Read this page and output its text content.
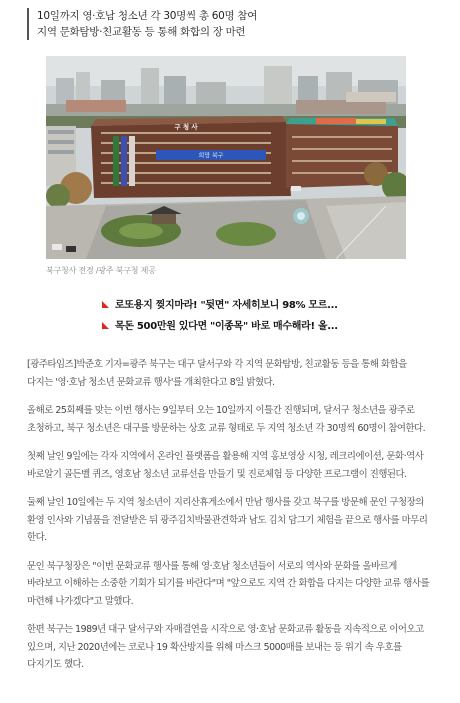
10일까지 영·호남 청소년 각 30명씩 총 60명 참여
지역 문화탐방·친교활동 등 통해 화합의 장 마련
구 청 사
희망 북구
북구청사 전경 /광주 북구청 제공
로또용지 찢지마라! "뒷면" 자세히보니 98% 모르...
목돈 500만원 있다면 "이종목" 바로 매수해라! 올...

[광주타임즈]박준호 기자=광주 북구는 대구 달서구와 각 지역 문화탐방, 친교활동 등을 통해 화합을 다지는 '영·호남 청소년 문화교류 행사'를 개최한다고 8일 밝혔다.

올해로 25회째를 맞는 이번 행사는 9일부터 오는 10일까지 이틀간 진행되며, 달서구 청소년을 광주로 초청하고, 북구 청소년은 대구를 방문하는 상호 교류 형태로 두 지역 청소년 각 30명씩 60명이 참여한다.

첫째 날인 9일에는 각자 지역에서 온라인 플랫폼을 활용해 지역 홍보영상 시청, 레크리에이션, 문화·역사 바로알기 골든벨 퀴즈, 영호남 청소년 교류선을 만들기 및 진로체험 등 다양한 프로그램이 진행된다.

둘째 날인 10일에는 두 지역 청소년이 지리산휴게소에서 만남 행사를 갖고 북구를 방문해 문인 구청장의 환영 인사와 기념품을 전달받은 뒤 광주김치박물관견학과 남도 김치 담그기 체험을 끝으로 행사를 마무리 한다.

문인 북구청장은 "이번 문화교류 행사를 통해 영·호남 청소년들이 서로의 역사와 문화를 올바르게 바라보고 이해하는 소중한 기회가 되기를 바란다"며 "앞으로도 지역 간 화합을 다지는 다양한 교류 행사를 마련해 나가겠다"고 말했다.

한편 북구는 1989년 대구 달서구와 자매결연을 시작으로 영·호남 문화교류 활동을 지속적으로 이어오고 있으며, 지난 2020년에는 코로나 19 확산방지를 위해 마스크 5000매를 보내는 등 위기 속 우호를 다지기도 했다.
